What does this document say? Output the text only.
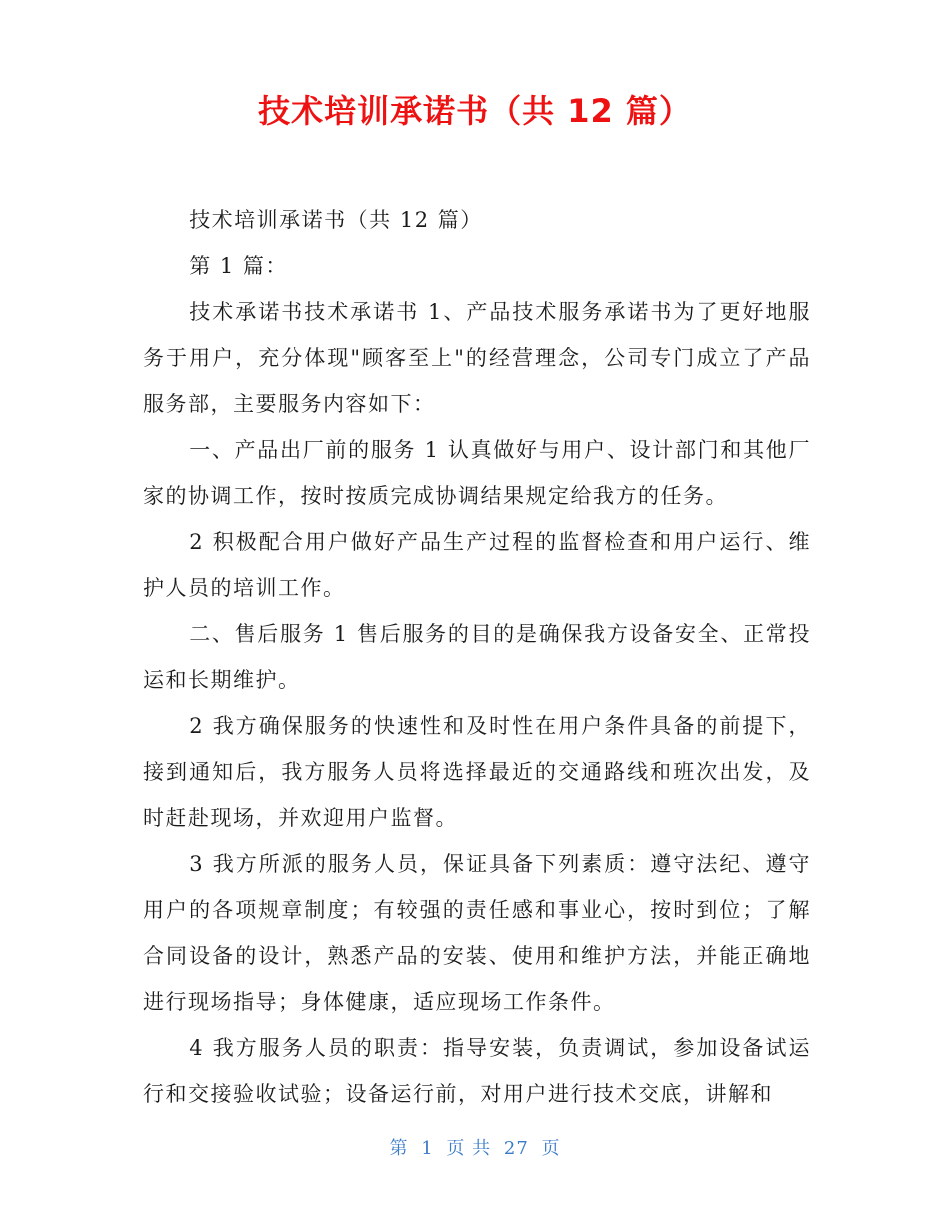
技术培训承诺书（共 12 篇）

技术培训承诺书（共 12 篇）

第 1 篇：

技术承诺书技术承诺书 1、产品技术服务承诺书为了更好地服务于用户，充分体现"顾客至上"的经营理念，公司专门成立了产品服务部，主要服务内容如下：

一、产品出厂前的服务 1 认真做好与用户、设计部门和其他厂家的协调工作，按时按质完成协调结果规定给我方的任务。

2 积极配合用户做好产品生产过程的监督检查和用户运行、维护人员的培训工作。

二、售后服务 1 售后服务的目的是确保我方设备安全、正常投运和长期维护。

2 我方确保服务的快速性和及时性在用户条件具备的前提下，接到通知后，我方服务人员将选择最近的交通路线和班次出发，及时赶赴现场，并欢迎用户监督。

3 我方所派的服务人员，保证具备下列素质：遵守法纪、遵守用户的各项规章制度；有较强的责任感和事业心，按时到位；了解合同设备的设计，熟悉产品的安装、使用和维护方法，并能正确地进行现场指导；身体健康，适应现场工作条件。

4 我方服务人员的职责：指导安装，负责调试，参加设备试运行和交接验收试验；设备运行前，对用户进行技术交底，讲解和

第 1 页 共 27 页
